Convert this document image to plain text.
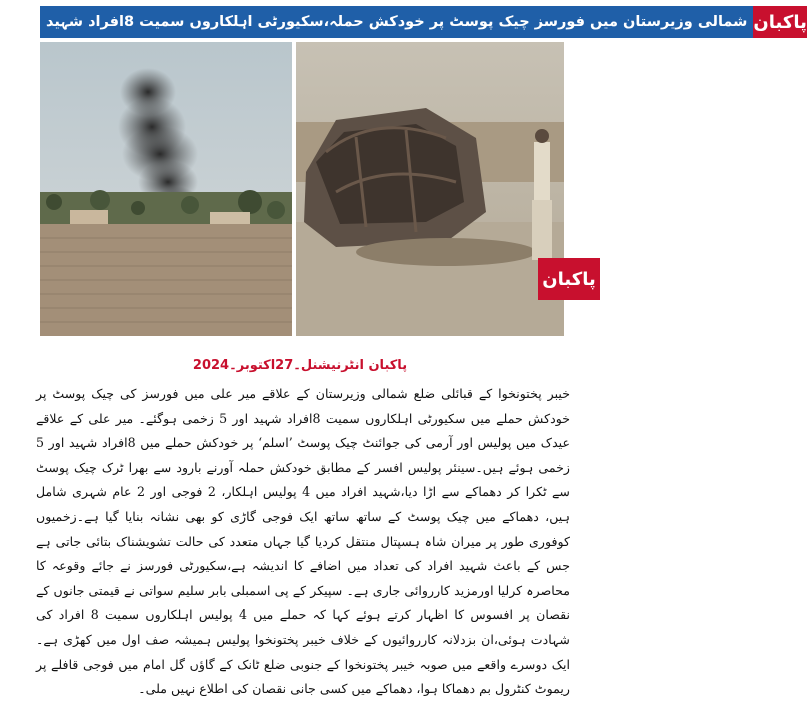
شمالی وزیرستان میں فورسز چیک پوسٹ پر خودکش حملہ،سکیورٹی اہلکاروں سمیت 8افراد شہید پاکبان
پاکبان
پاکبان انٹرنیشنل۔27اکتوبر۔2024

خیبر پختونخوا کے قبائلی ضلع شمالی وزیرستان کے علاقے میر علی میں فورسز کی چیک پوسٹ پر خودکش حملے میں سکیورٹی اہلکاروں سمیت 8افراد شہید اور 5 زخمی ہوگئے۔ میر علی کے علاقے عیدک میں پولیس اور آرمی کی جوائنٹ چیک پوسٹ ’اسلم‘ پر خودکش حملے میں 8افراد شہید اور 5 زخمی ہوئے ہیں۔سینئر پولیس افسر کے مطابق خودکش حملہ آورنے بارود سے بھرا ٹرک چیک پوسٹ سے ٹکرا کر دھماکے سے اڑا دیا،شہید افراد میں 4 پولیس اہلکار، 2 فوجی اور 2 عام شہری شامل ہیں، دھماکے میں چیک پوسٹ کے ساتھ ساتھ ایک فوجی گاڑی کو بھی نشانہ بنایا گیا ہے۔زخمیوں کوفوری طور پر میران شاہ ہسپتال منتقل کردیا گیا جہاں متعدد کی حالت تشویشناک بتائی جاتی ہے جس کے باعث شہید افراد کی تعداد میں اضافے کا اندیشہ ہے،سکیورٹی فورسز نے جائے وقوعہ کا محاصرہ کرلیا اورمزید کارروائی جاری ہے۔ سپیکر کے پی اسمبلی بابر سلیم سواتی نے قیمتی جانوں کے نقصان پر افسوس کا اظہار کرتے ہوئے کہا کہ حملے میں 4 پولیس اہلکاروں سمیت 8 افراد کی شہادت ہوئی،ان بزدلانہ کارروائیوں کے خلاف خیبر پختونخوا پولیس ہمیشہ صف اول میں کھڑی ہے۔ایک دوسرے واقعے میں صوبہ خیبر پختونخوا کے جنوبی ضلع ٹانک کے گاؤں گل امام میں فوجی قافلے پر ریموٹ کنٹرول بم دھماکا ہوا، دھماکے میں کسی جانی نقصان کی اطلاع نہیں ملی۔
